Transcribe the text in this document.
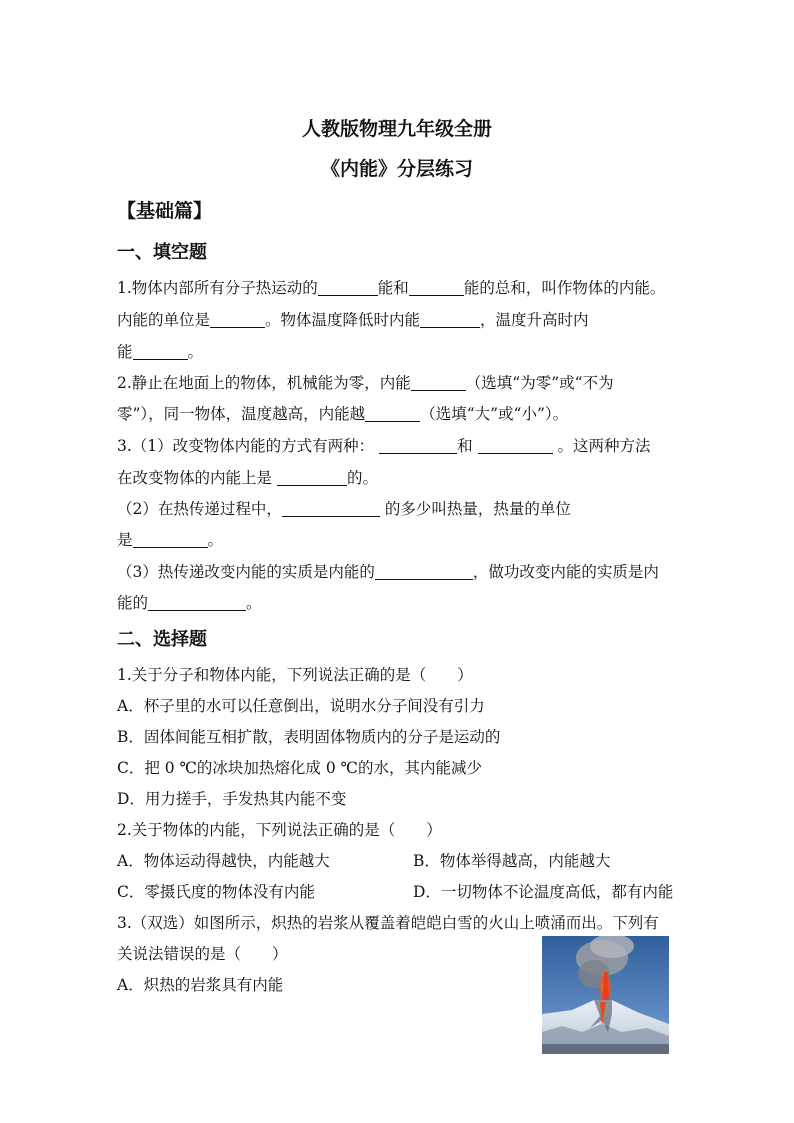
人教版物理九年级全册
《内能》分层练习
【基础篇】
一、填空题
1.物体内部所有分子热运动的	能和	能的总和，叫作物体的内能。
内能的单位是	。物体温度降低时内能	，温度升高时内
能	。
2.静止在地面上的物体，机械能为零，内能	（选填“为零”或“不为
零”），同一物体，温度越高，内能越	（选填“大”或“小”）。
3.（1）改变物体内能的方式有两种：	和	。这两种方法
在改变物体的内能上是	的。
（2）在热传递过程中，	的多少叫热量，热量的单位
是	。
（3）热传递改变内能的实质是内能的	，做功改变内能的实质是内
能的	。
二、选择题
1.关于分子和物体内能，下列说法正确的是（　　）
A．杯子里的水可以任意倒出，说明水分子间没有引力
B．固体间能互相扩散，表明固体物质内的分子是运动的
C．把 0 ℃的冰块加热熔化成 0 ℃的水，其内能减少
D．用力搓手，手发热其内能不变
2.关于物体的内能，下列说法正确的是（　　）
A．物体运动得越快，内能越大	B．物体举得越高，内能越大
C．零摄氏度的物体没有内能	D．一切物体不论温度高低，都有内能
3.（双选）如图所示，炽热的岩浆从覆盖着皑皑白雪的火山上喷涌而出。下列有
关说法错误的是（　　）
A．炽热的岩浆具有内能
